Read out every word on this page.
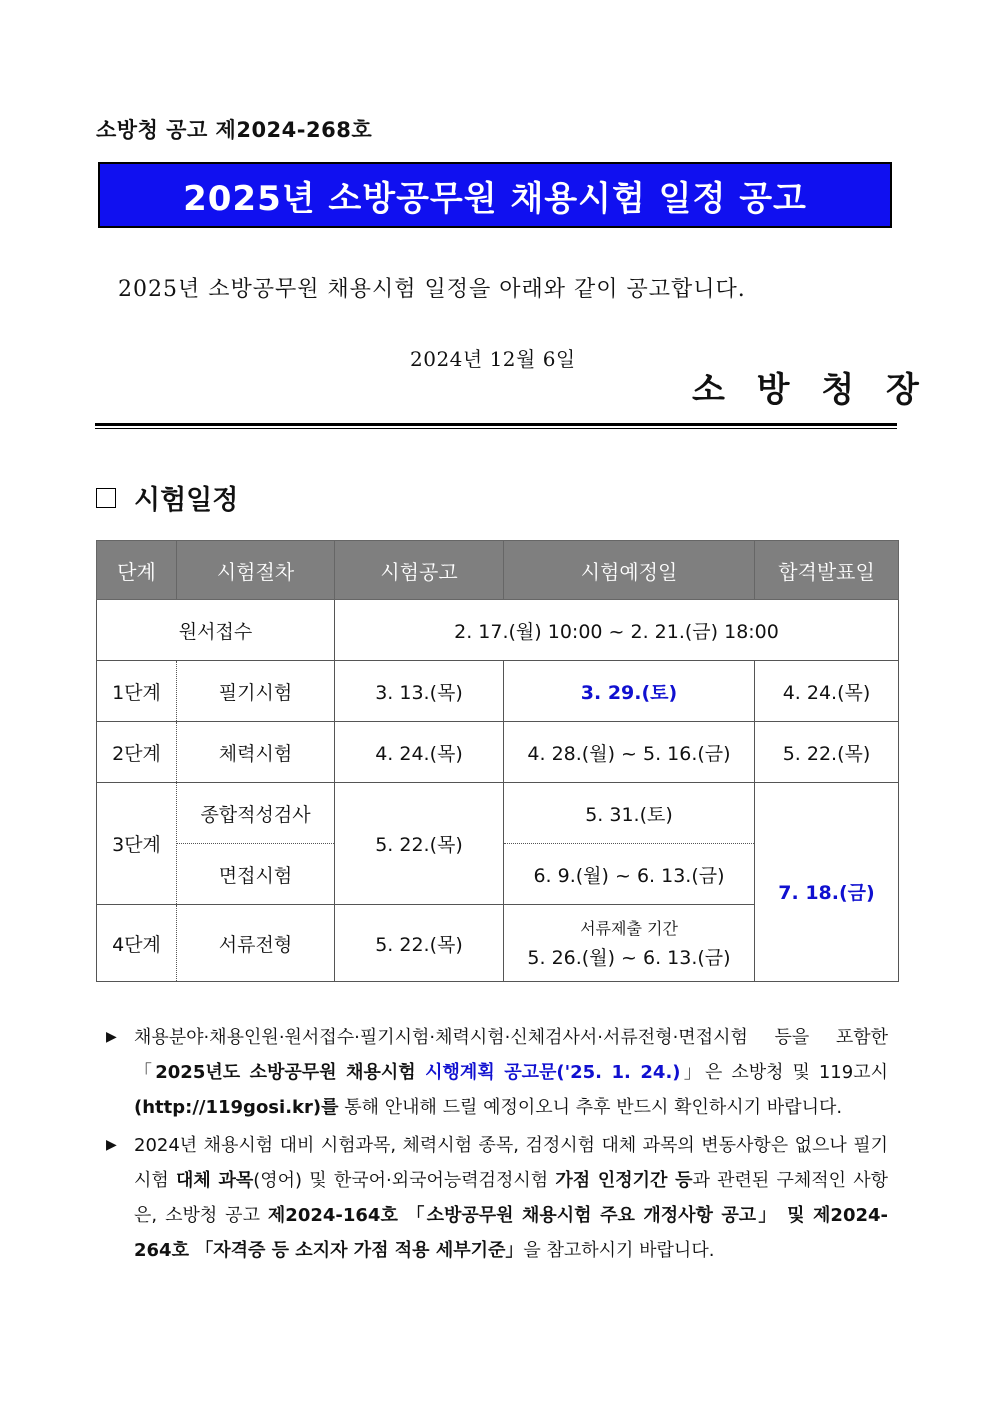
소방청 공고 제2024-268호
2025년 소방공무원 채용시험 일정 공고
2025년 소방공무원 채용시험 일정을 아래와 같이 공고합니다.
2024년 12월 6일
소 방 청 장
시험일정
단계	시험절차	시험공고	시험예정일	합격발표일
원서접수		2. 17.(월) 10:00 ~ 2. 21.(금) 18:00		
1단계	필기시험	3. 13.(목)	3. 29.(토)	4. 24.(목)
2단계	체력시험	4. 24.(목)	4. 28.(월) ~ 5. 16.(금)	5. 22.(목)
3단계	종합적성검사	5. 22.(목)	5. 31.(토)	7. 18.(금)
	면접시험		6. 9.(월) ~ 6. 13.(금)	
4단계	서류전형	5. 22.(목)	서류제출 기간
5. 26.(월) ~ 6. 13.(금)	
▶ 채용분야·채용인원·원서접수·필기시험·체력시험·신체검사서·서류전형·면접시험 등을 포함한 「2025년도 소방공무원 채용시험 시행계획 공고문('25. 1. 24.)」은 소방청 및 119고시 (http://119gosi.kr)를 통해 안내해 드릴 예정이오니 추후 반드시 확인하시기 바랍니다.
▶ 2024년 채용시험 대비 시험과목, 체력시험 종목, 검정시험 대체 과목의 변동사항은 없으나 필기시험 대체 과목(영어) 및 한국어·외국어능력검정시험 가점 인정기간 등과 관련된 구체적인 사항은, 소방청 공고 제2024-164호 「소방공무원 채용시험 주요 개정사항 공고」 및 제2024-264호 「자격증 등 소지자 가점 적용 세부기준」을 참고하시기 바랍니다.
